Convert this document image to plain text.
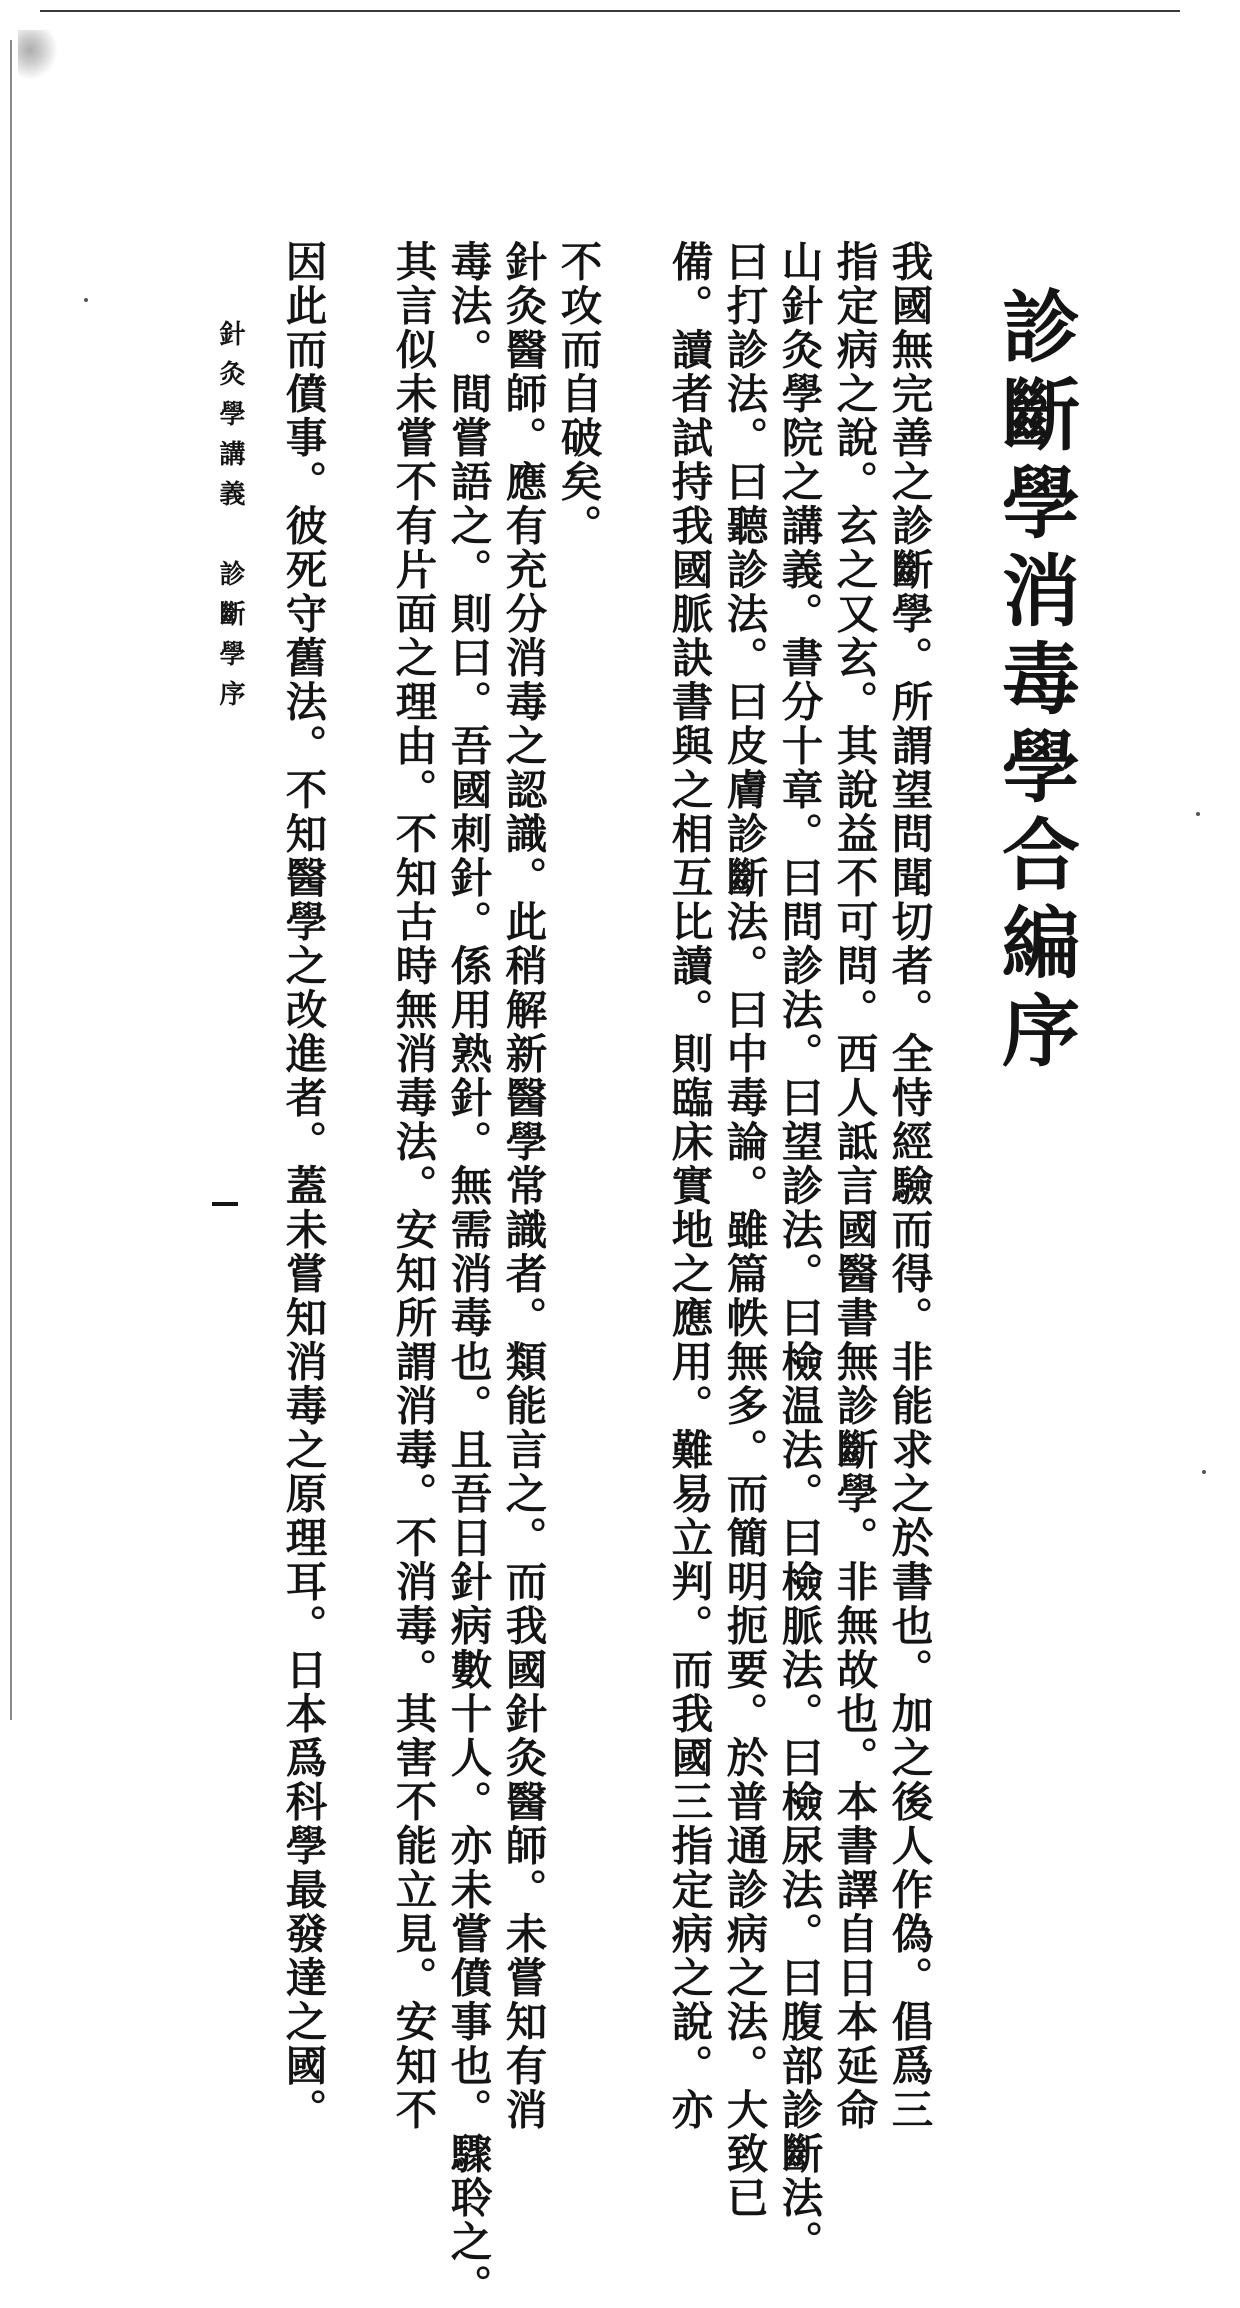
診斷學消毒學合編序
我國無完善之診斷學。所謂望問聞切者。全恃經驗而得。非能求之於書也。加之後人作偽。倡爲三
指定病之說。玄之又玄。其說益不可問。西人詆言國醫書無診斷學。非無故也。本書譯自日本延命
山針灸學院之講義。書分十章。曰問診法。曰望診法。曰檢温法。曰檢脈法。曰檢尿法。曰腹部診斷法。
曰打診法。曰聽診法。曰皮膚診斷法。曰中毒論。雖篇帙無多。而簡明扼要。於普通診病之法。大致已
備。讀者試持我國脈訣書與之相互比讀。則臨床實地之應用。難易立判。而我國三指定病之說。亦
不攻而自破矣。
針灸醫師。應有充分消毒之認識。此稍解新醫學常識者。類能言之。而我國針灸醫師。未嘗知有消
毒法。間嘗語之。則曰。吾國刺針。係用熟針。無需消毒也。且吾日針病數十人。亦未嘗僨事也。驟聆之。
其言似未嘗不有片面之理由。不知古時無消毒法。安知所謂消毒。不消毒。其害不能立見。安知不
因此而僨事。彼死守舊法。不知醫學之改進者。蓋未嘗知消毒之原理耳。日本爲科學最發達之國。
針灸學講義診斷學序
